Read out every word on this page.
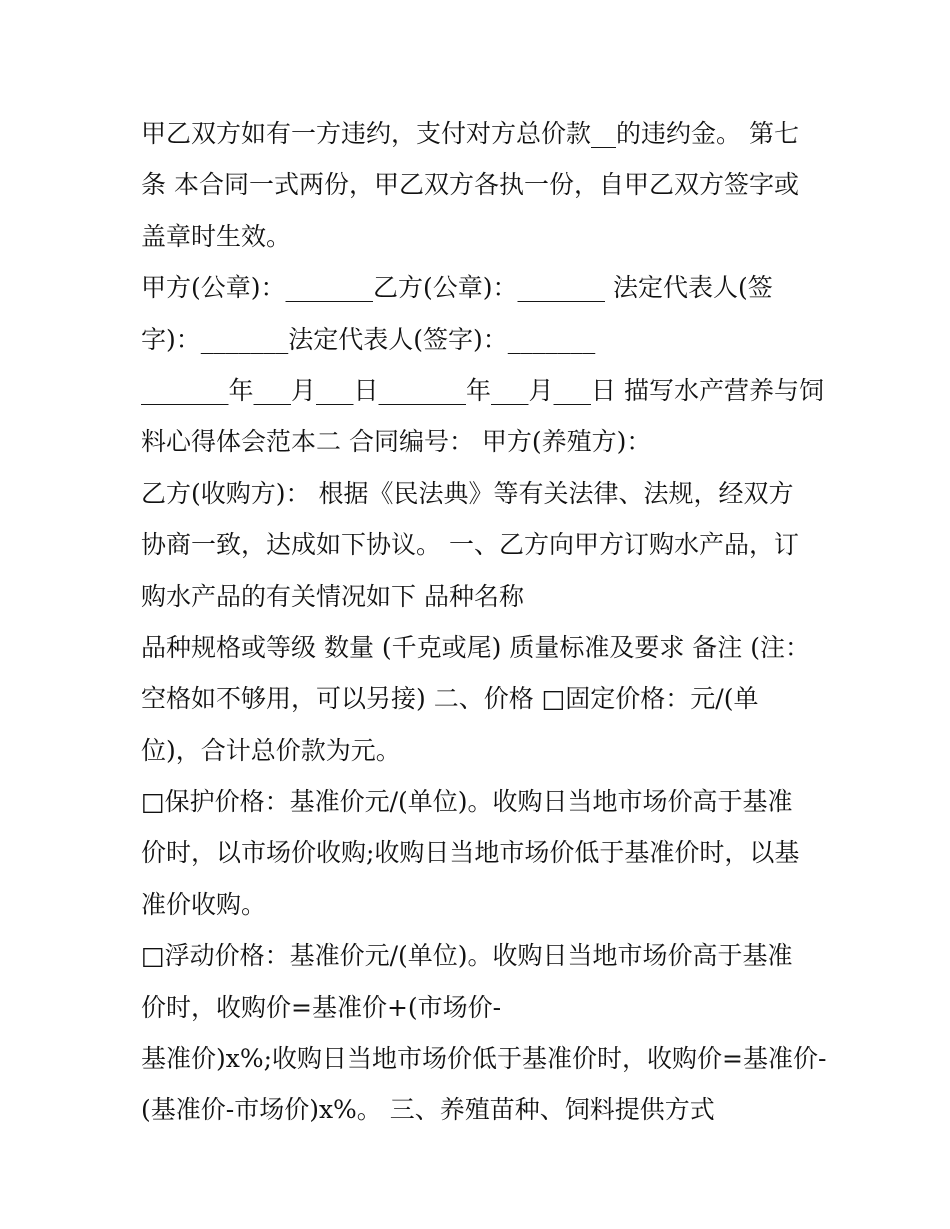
甲乙双方如有一方违约，支付对方总价款__的违约金。 第七
条 本合同一式两份，甲乙双方各执一份，自甲乙双方签字或
盖章时生效。
甲方(公章)：_______乙方(公章)：_______ 法定代表人(签
字)：_______法定代表人(签字)：_______
_______年___月___日_______年___月___日 描写水产营养与饲
料心得体会范本二 合同编号： 甲方(养殖方)：
乙方(收购方)： 根据《民法典》等有关法律、法规，经双方
协商一致，达成如下协议。 一、乙方向甲方订购水产品，订
购水产品的有关情况如下 品种名称
品种规格或等级 数量 (千克或尾) 质量标准及要求 备注 (注：
空格如不够用，可以另接) 二、价格 □固定价格：元/(单
位)，合计总价款为元。
□保护价格：基准价元/(单位)。收购日当地市场价高于基准
价时，以市场价收购;收购日当地市场价低于基准价时，以基
准价收购。
□浮动价格：基准价元/(单位)。收购日当地市场价高于基准
价时，收购价=基准价+(市场价-
基准价)x%;收购日当地市场价低于基准价时，收购价=基准价-
(基准价-市场价)x%。 三、养殖苗种、饲料提供方式
